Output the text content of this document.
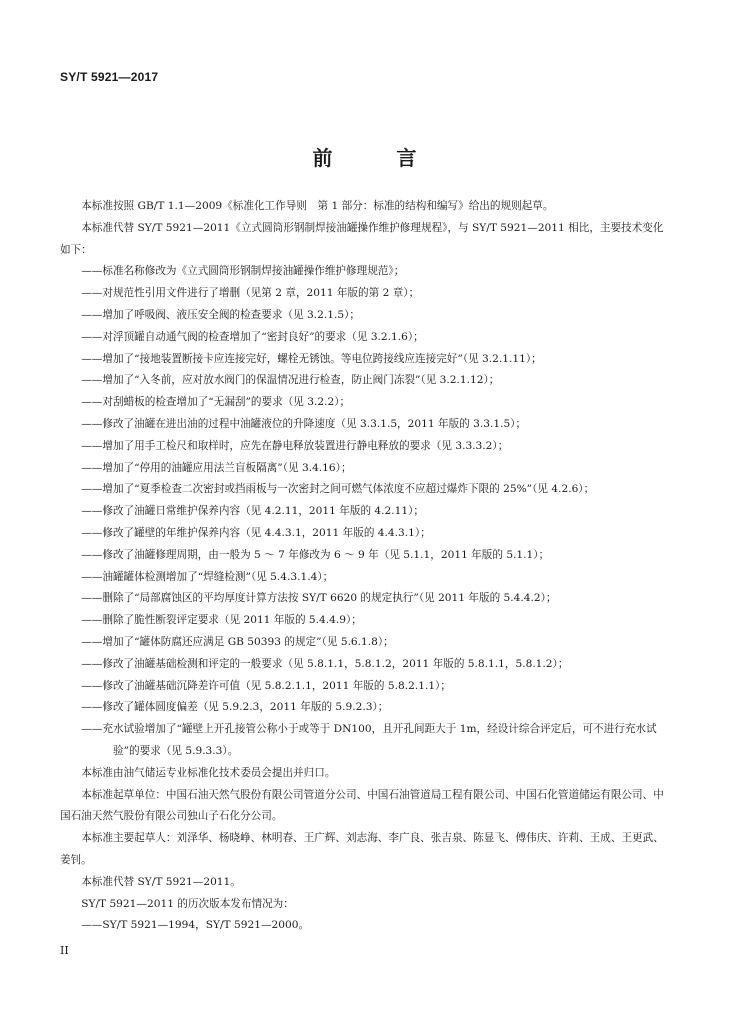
SY/T 5921—2017
前　言

本标准按照 GB/T 1.1—2009《标准化工作导则　第 1 部分：标准的结构和编写》给出的规则起草。

本标准代替 SY/T 5921—2011《立式圆筒形钢制焊接油罐操作维护修理规程》，与 SY/T 5921—2011 相比，主要技术变化如下：

——标准名称修改为《立式圆筒形钢制焊接油罐操作维护修理规范》；

——对规范性引用文件进行了增删（见第 2 章，2011 年版的第 2 章）；

——增加了呼吸阀、液压安全阀的检查要求（见 3.2.1.5）；

——对浮顶罐自动通气阀的检查增加了“密封良好”的要求（见 3.2.1.6）；

——增加了“接地装置断接卡应连接完好，螺栓无锈蚀。等电位跨接线应连接完好”（见 3.2.1.11）；

——增加了“入冬前，应对放水阀门的保温情况进行检查，防止阀门冻裂”（见 3.2.1.12）；

——对刮蜡板的检查增加了“无漏刮”的要求（见 3.2.2）；

——修改了油罐在进出油的过程中油罐液位的升降速度（见 3.3.1.5，2011 年版的 3.3.1.5）；

——增加了用手工检尺和取样时，应先在静电释放装置进行静电释放的要求（见 3.3.3.2）；

——增加了“停用的油罐应用法兰盲板隔离”（见 3.4.16）；

——增加了“夏季检查二次密封或挡雨板与一次密封之间可燃气体浓度不应超过爆炸下限的 25%”（见 4.2.6）；

——修改了油罐日常维护保养内容（见 4.2.11，2011 年版的 4.2.11）；

——修改了罐壁的年维护保养内容（见 4.4.3.1，2011 年版的 4.4.3.1）；

——修改了油罐修理周期，由一般为 5 ～ 7 年修改为 6 ～ 9 年（见 5.1.1，2011 年版的 5.1.1）；

——油罐罐体检测增加了“焊缝检测”（见 5.4.3.1.4）；

——删除了“局部腐蚀区的平均厚度计算方法按 SY/T 6620 的规定执行”（见 2011 年版的 5.4.4.2）；

——删除了脆性断裂评定要求（见 2011 年版的 5.4.4.9）；

——增加了“罐体防腐还应满足 GB 50393 的规定”（见 5.6.1.8）；

——修改了油罐基础检测和评定的一般要求（见 5.8.1.1，5.8.1.2，2011 年版的 5.8.1.1，5.8.1.2）；

——修改了油罐基础沉降差许可值（见 5.8.2.1.1，2011 年版的 5.8.2.1.1）；

——修改了罐体圆度偏差（见 5.9.2.3，2011 年版的 5.9.2.3）；

——充水试验增加了“罐壁上开孔接管公称小于或等于 DN100，且开孔间距大于 1m，经设计综合评定后，可不进行充水试验”的要求（见 5.9.3.3）。

本标准由油气储运专业标准化技术委员会提出并归口。

本标准起草单位：中国石油天然气股份有限公司管道分公司、中国石油管道局工程有限公司、中国石化管道储运有限公司、中国石油天然气股份有限公司独山子石化分公司。

本标准主要起草人：刘泽华、杨晓峥、林明春、王广辉、刘志海、李广良、张吉泉、陈显飞、傅伟庆、许莉、王成、王更武、姜钊。

本标准代替 SY/T 5921—2011。

SY/T 5921—2011 的历次版本发布情况为：

——SY/T 5921—1994，SY/T 5921—2000。

II
